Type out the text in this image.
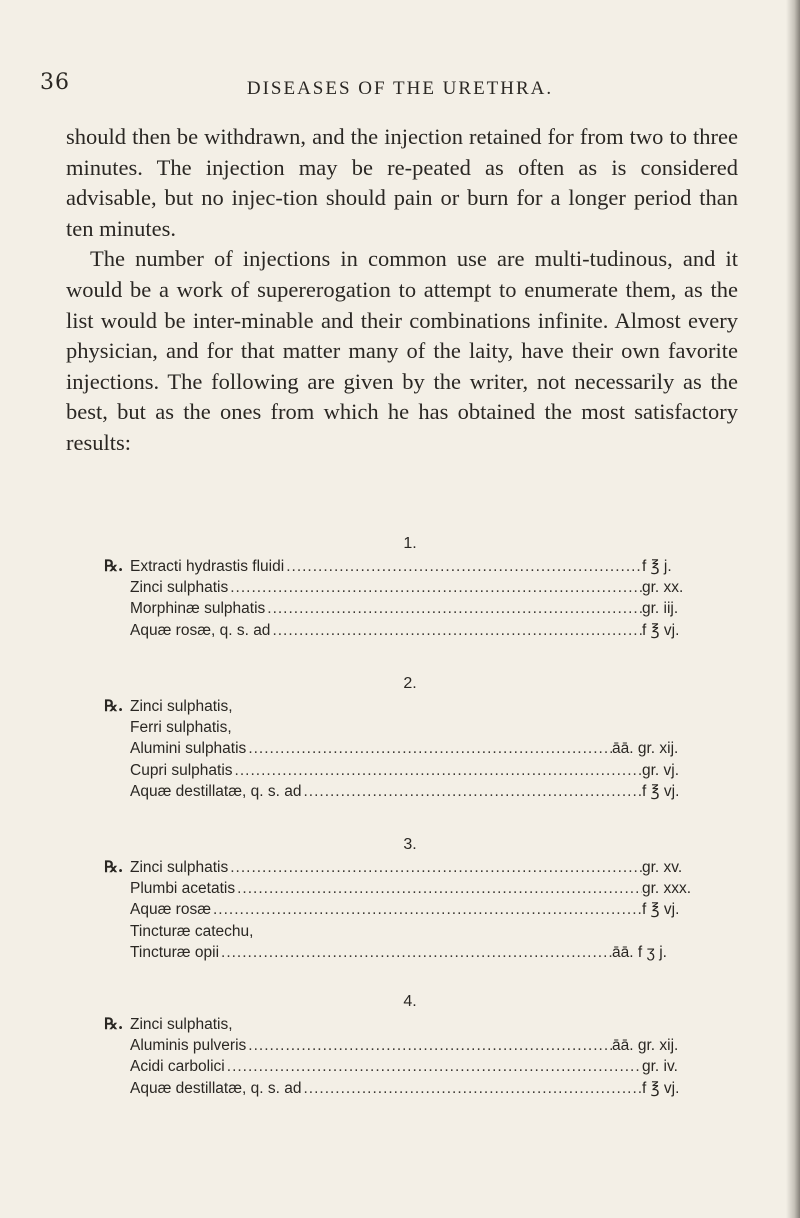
36	DISEASES OF THE URETHRA.

should then be withdrawn, and the injection retained for from two to three minutes. The injection may be re-peated as often as is considered advisable, but no injec-tion should pain or burn for a longer period than ten minutes.

The number of injections in common use are multi-tudinous, and it would be a work of supererogation to attempt to enumerate them, as the list would be inter-minable and their combinations infinite. Almost every physician, and for that matter many of the laity, have their own favorite injections. The following are given by the writer, not necessarily as the best, but as the ones from which he has obtained the most satisfactory results:

1.
℞. Extracti hydrastis fluidi .....	f ℥ j.
Zinci sulphatis .....	gr. xx.
Morphinæ sulphatis .....	gr. iij.
Aquæ rosæ, q. s. ad .....	f ℥ vj.
2.
℞. Zinci sulphatis,
Ferri sulphatis,
Alumini sulphatis .....	āā. gr. xij.
Cupri sulphatis .....	gr. vj.
Aquæ destillatæ, q. s. ad .....	f ℥ vj.
3.
℞. Zinci sulphatis .....	gr. xv.
Plumbi acetatis .....	gr. xxx.
Aquæ rosæ .....	f ℥ vj.
Tincturæ catechu,
Tincturæ opii .....	āā. f ʒ j.
4.
℞. Zinci sulphatis,
Aluminis pulveris .....	āā. gr. xij.
Acidi carbolici .....	gr. iv.
Aquæ destillatæ, q. s. ad .....	f ℥ vj.
